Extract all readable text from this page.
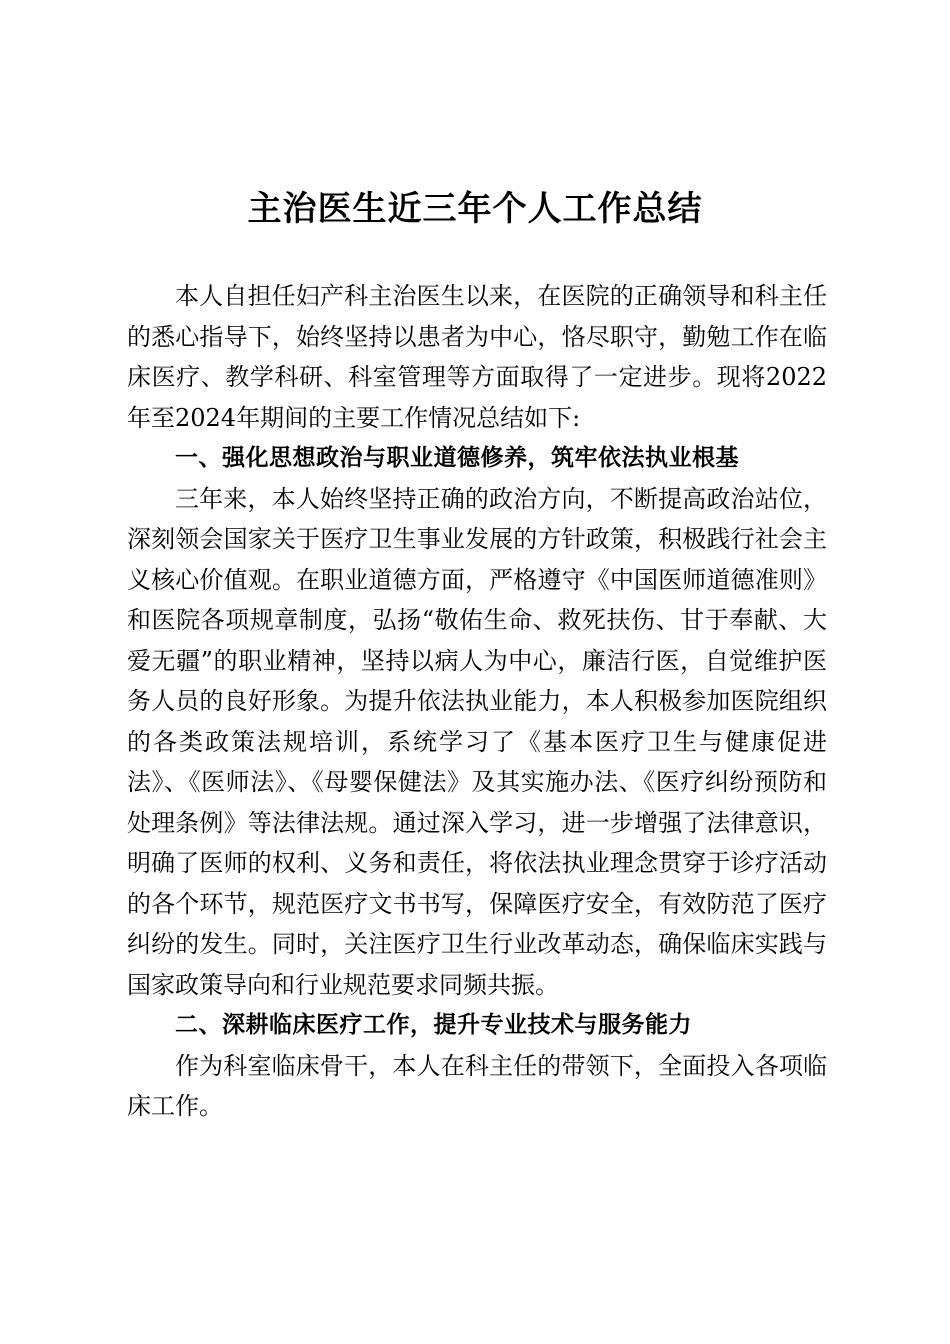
主治医生近三年个人工作总结

本人自担任妇产科主治医生以来，在医院的正确领导和科主任的悉心指导下，始终坚持以患者为中心，恪尽职守，勤勉工作在临床医疗、教学科研、科室管理等方面取得了一定进步。现将2022年至2024年期间的主要工作情况总结如下:

一、强化思想政治与职业道德修养，筑牢依法执业根基

三年来，本人始终坚持正确的政治方向，不断提高政治站位，深刻领会国家关于医疗卫生事业发展的方针政策，积极践行社会主义核心价值观。在职业道德方面，严格遵守《中国医师道德准则》和医院各项规章制度，弘扬“敬佑生命、救死扶伤、甘于奉献、大爱无疆”的职业精神，坚持以病人为中心，廉洁行医，自觉维护医务人员的良好形象。为提升依法执业能力，本人积极参加医院组织的各类政策法规培训，系统学习了《基本医疗卫生与健康促进法》、《医师法》、《母婴保健法》及其实施办法、《医疗纠纷预防和处理条例》等法律法规。通过深入学习，进一步增强了法律意识，明确了医师的权利、义务和责任，将依法执业理念贯穿于诊疗活动的各个环节，规范医疗文书书写，保障医疗安全，有效防范了医疗纠纷的发生。同时，关注医疗卫生行业改革动态，确保临床实践与国家政策导向和行业规范要求同频共振。

二、深耕临床医疗工作，提升专业技术与服务能力

作为科室临床骨干，本人在科主任的带领下，全面投入各项临床工作。
